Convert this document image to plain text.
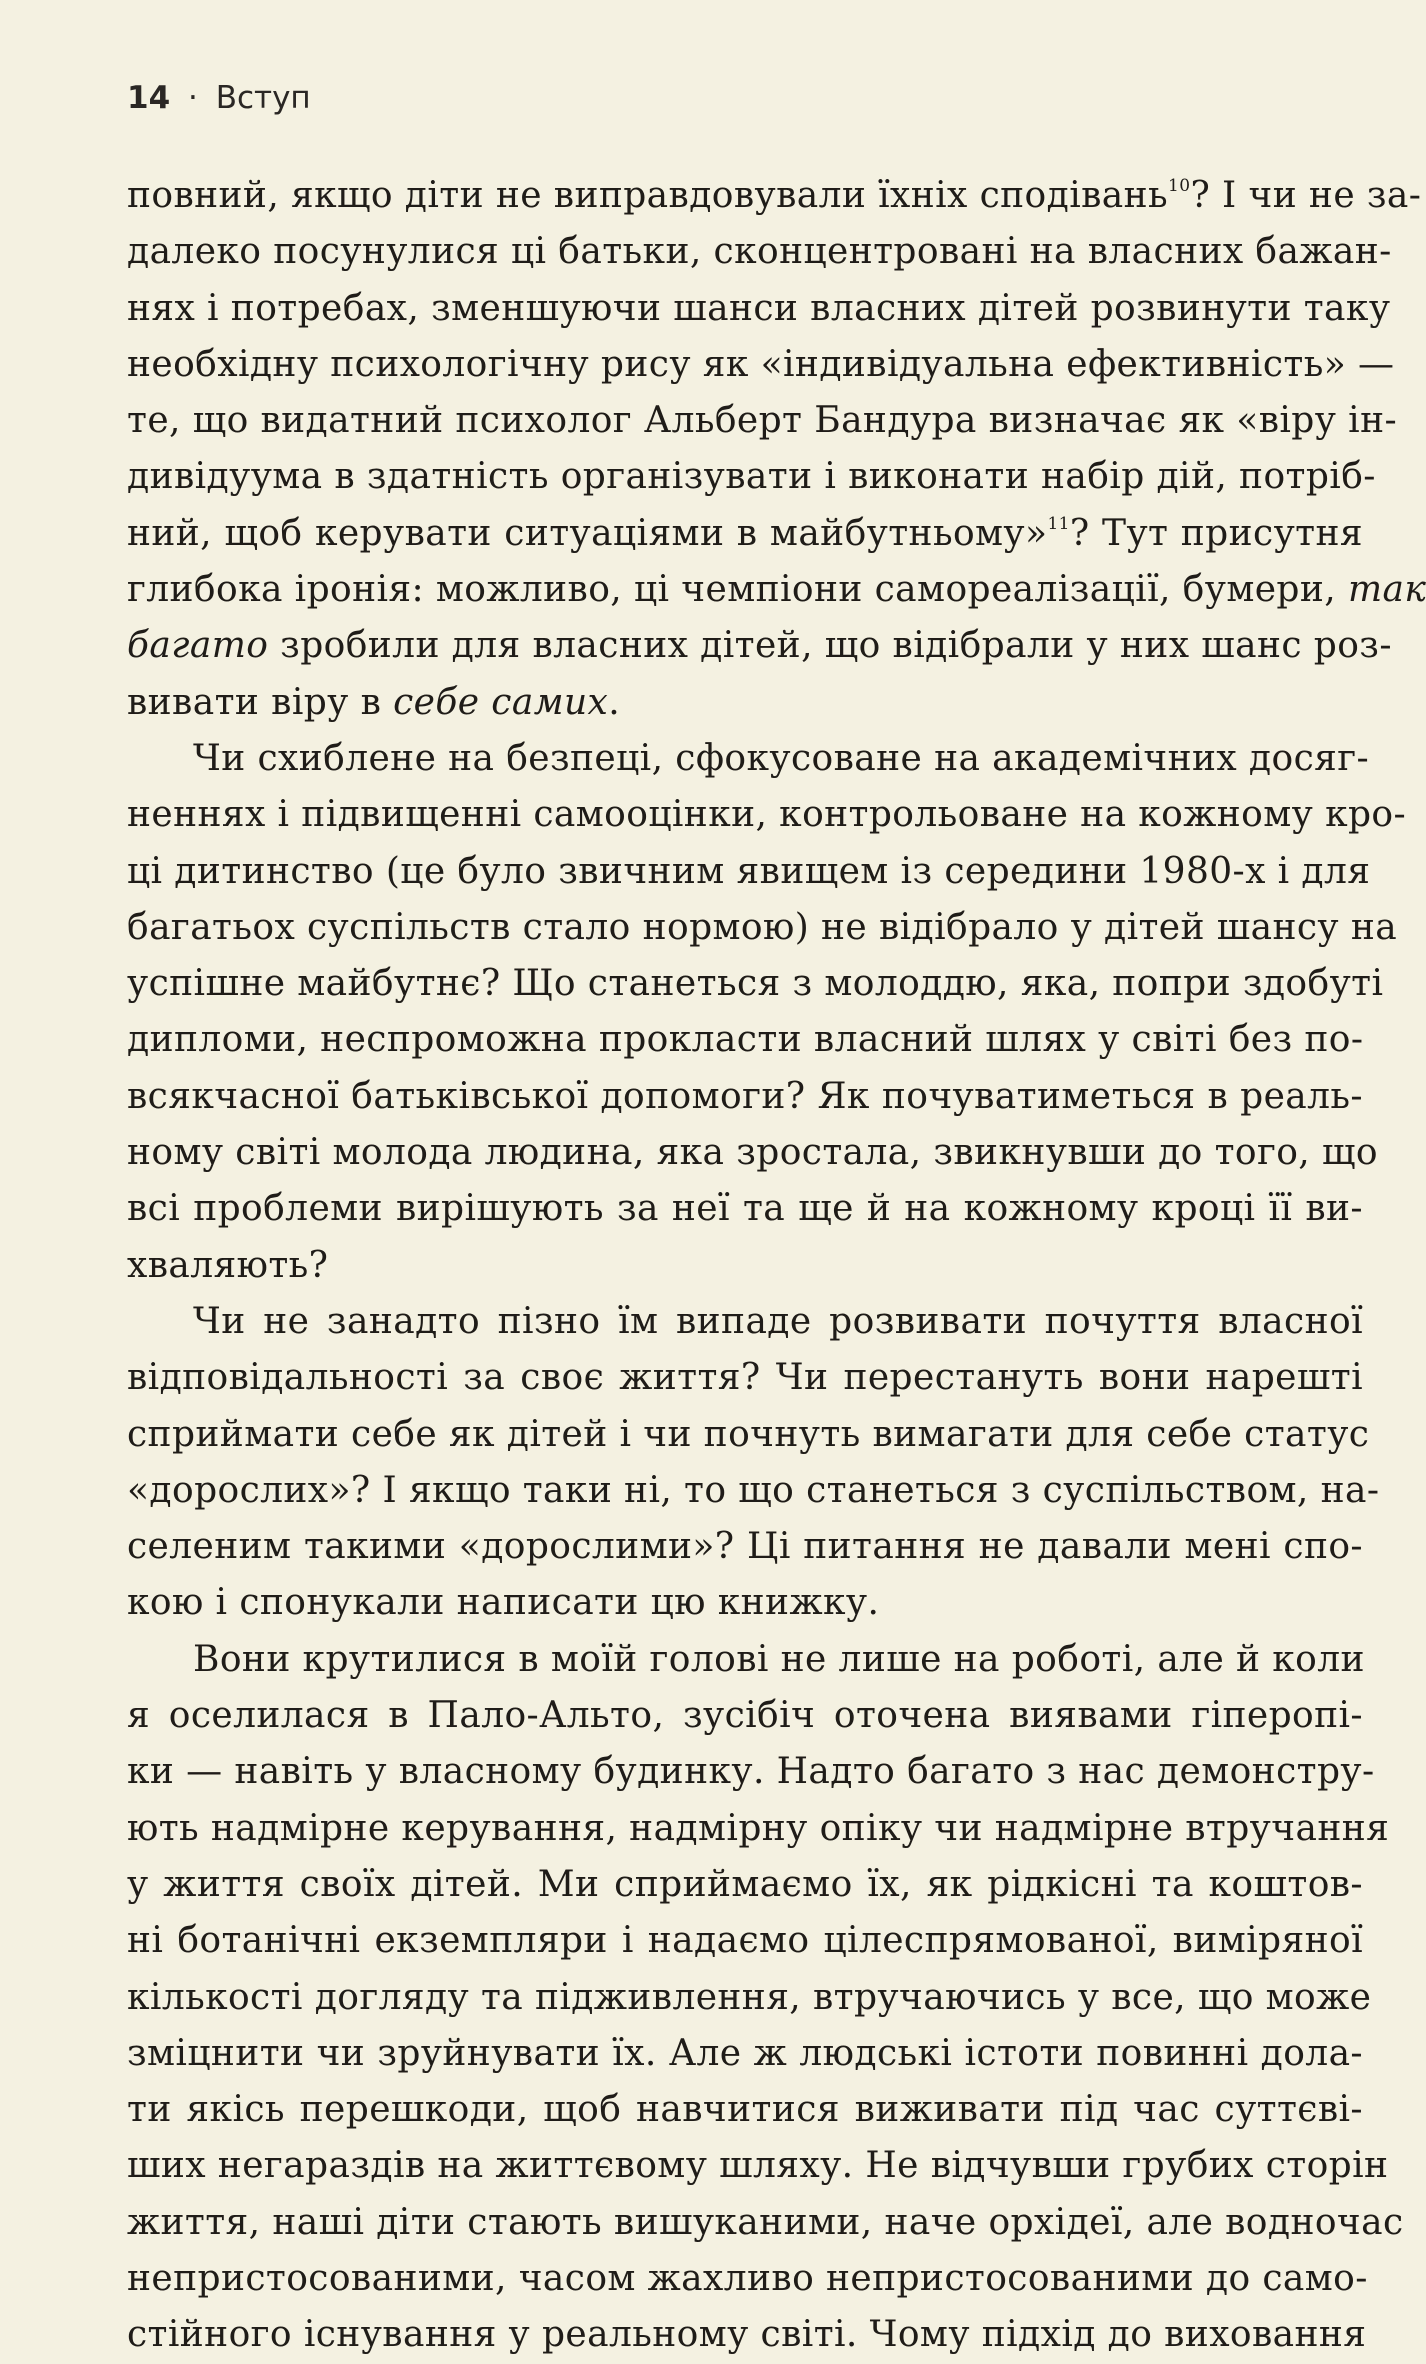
14 · Вступ
повний, якщо діти не виправдовували їхніх сподівань$^{10}$? І чи не за-
далеко посунулися ці батьки, сконцентровані на власних бажан-
нях і потребах, зменшуючи шанси власних дітей розвинути таку
необхідну психологічну рису як «індивідуальна ефективність» —
те, що видатний психолог Альберт Бандура визначає як «віру ін-
дивідуума в здатність організувати і виконати набір дій, потріб-
ний, щоб керувати ситуаціями в майбутньому»$^{11}$? Тут присутня
глибока іронія: можливо, ці чемпіони самореалізації, бумери, так
багато зробили для власних дітей, що відібрали у них шанс роз-
вивати віру в себе самих.
Чи схиблене на безпеці, сфокусоване на академічних досяг-
неннях і підвищенні самооцінки, контрольоване на кожному кро-
ці дитинство (це було звичним явищем із середини 1980-х і для
багатьох суспільств стало нормою) не відібрало у дітей шансу на
успішне майбутнє? Що станеться з молоддю, яка, попри здобуті
дипломи, неспроможна прокласти власний шлях у світі без по-
всякчасної батьківської допомоги? Як почуватиметься в реаль-
ному світі молода людина, яка зростала, звикнувши до того, що
всі проблеми вирішують за неї та ще й на кожному кроці її ви-
хваляють?
Чи не занадто пізно їм випаде розвивати почуття власної
відповідальності за своє життя? Чи перестануть вони нарешті
сприймати себе як дітей і чи почнуть вимагати для себе статус
«дорослих»? І якщо таки ні, то що станеться з суспільством, на-
селеним такими «дорослими»? Ці питання не давали мені спо-
кою і спонукали написати цю книжку.
Вони крутилися в моїй голові не лише на роботі, але й коли
я оселилася в Пало-Альто, зусібіч оточена виявами гіперопі-
ки — навіть у власному будинку. Надто багато з нас демонстру-
ють надмірне керування, надмірну опіку чи надмірне втручання
у життя своїх дітей. Ми сприймаємо їх, як рідкісні та коштов-
ні ботанічні екземпляри і надаємо цілеспрямованої, виміряної
кількості догляду та підживлення, втручаючись у все, що може
зміцнити чи зруйнувати їх. Але ж людські істоти повинні дола-
ти якісь перешкоди, щоб навчитися виживати під час суттєві-
ших негараздів на життєвому шляху. Не відчувши грубих сторін
життя, наші діти стають вишуканими, наче орхідеї, але водночас
непристосованими, часом жахливо непристосованими до само-
стійного існування у реальному світі. Чому підхід до виховання
